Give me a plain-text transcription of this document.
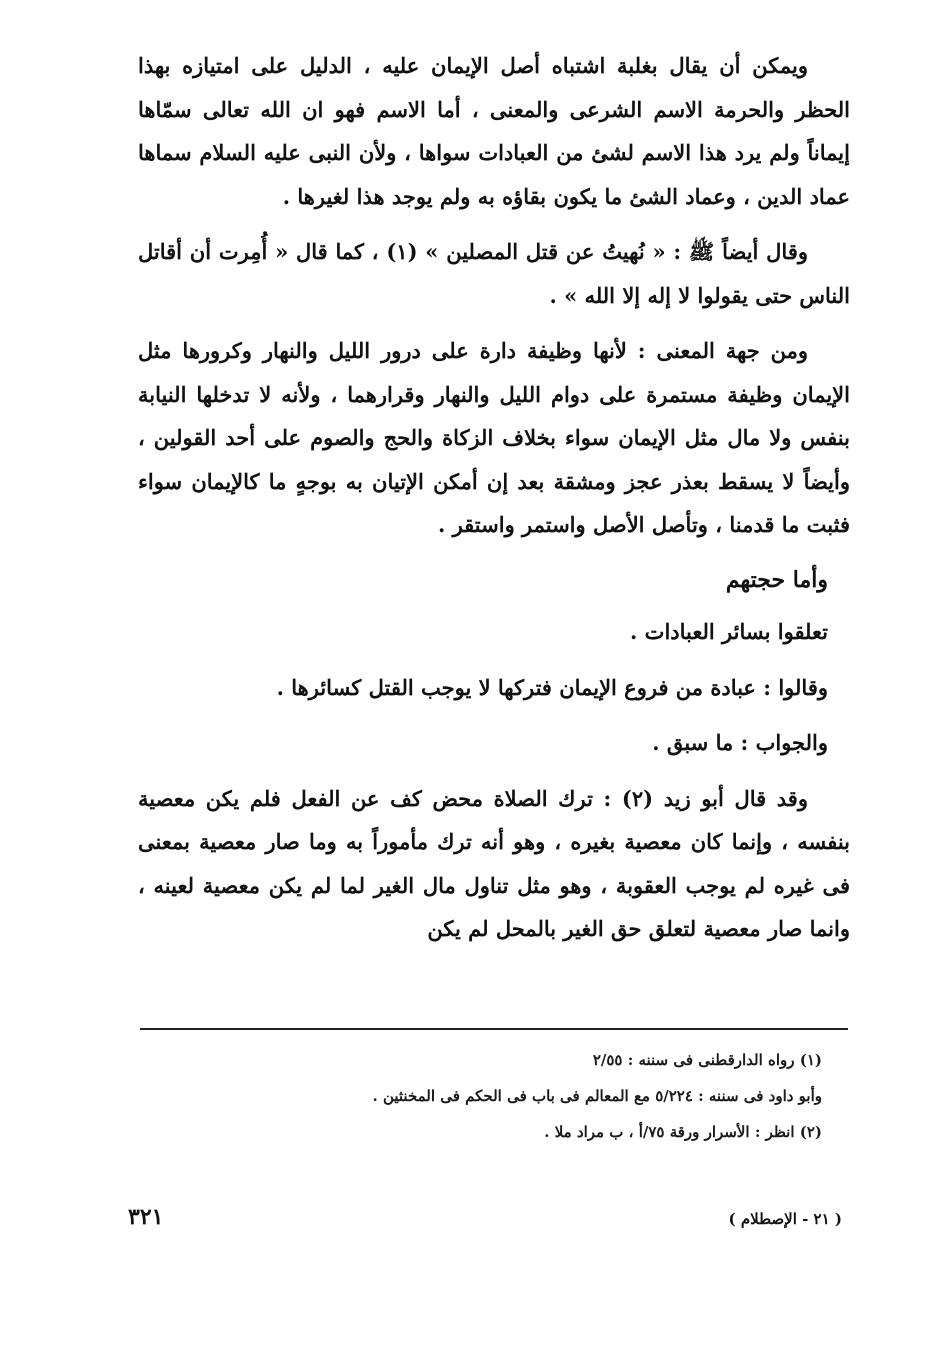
ويمكن أن يقال بغلبة اشتباه أصل الإيمان عليه ، الدليل على امتيازه بهذا الحظر والحرمة الاسم الشرعى والمعنى ، أما الاسم فهو ان الله تعالى سمّاها إيماناً ولم يرد هذا الاسم لشئ من العبادات سواها ، ولأن النبى عليه السلام سماها عماد الدين ، وعماد الشئ ما يكون بقاؤه به ولم يوجد هذا لغيرها .

وقال أيضاً ﷺ : « نُهيتُ عن قتل المصلين » (١) ، كما قال « أُمِرت أن أقاتل الناس حتى يقولوا لا إله إلا الله » .

ومن جهة المعنى : لأنها وظيفة دارة على درور الليل والنهار وكرورها مثل الإيمان وظيفة مستمرة على دوام الليل والنهار وقرارهما ، ولأنه لا تدخلها النيابة بنفس ولا مال مثل الإيمان سواء بخلاف الزكاة والحج والصوم على أحد القولين ، وأيضاً لا يسقط بعذر عجز ومشقة بعد إن أمكن الإتيان به بوجهٍ ما كالإيمان سواء فثبت ما قدمنا ، وتأصل الأصل واستمر واستقر .

وأما حجتهم

تعلقوا بسائر العبادات .

وقالوا : عبادة من فروع الإيمان فتركها لا يوجب القتل كسائرها .

والجواب : ما سبق .

وقد قال أبو زيد (٢) : ترك الصلاة محض كف عن الفعل فلم يكن معصية بنفسه ، وإنما كان معصية بغيره ، وهو أنه ترك مأموراً به وما صار معصية بمعنى فى غيره لم يوجب العقوبة ، وهو مثل تناول مال الغير لما لم يكن معصية لعينه ، وانما صار معصية لتعلق حق الغير بالمحل لم يكن

(١) رواه الدارقطنى فى سننه : ٢/٥٥
وأبو داود فى سننه : ٥/٢٢٤ مع المعالم فى باب فى الحكم فى المخنثين .
(٢) انظر : الأسرار ورقة ٧٥/أ ، ب مراد ملا .
٣٢١	( ٢١ - الإصطلام )
